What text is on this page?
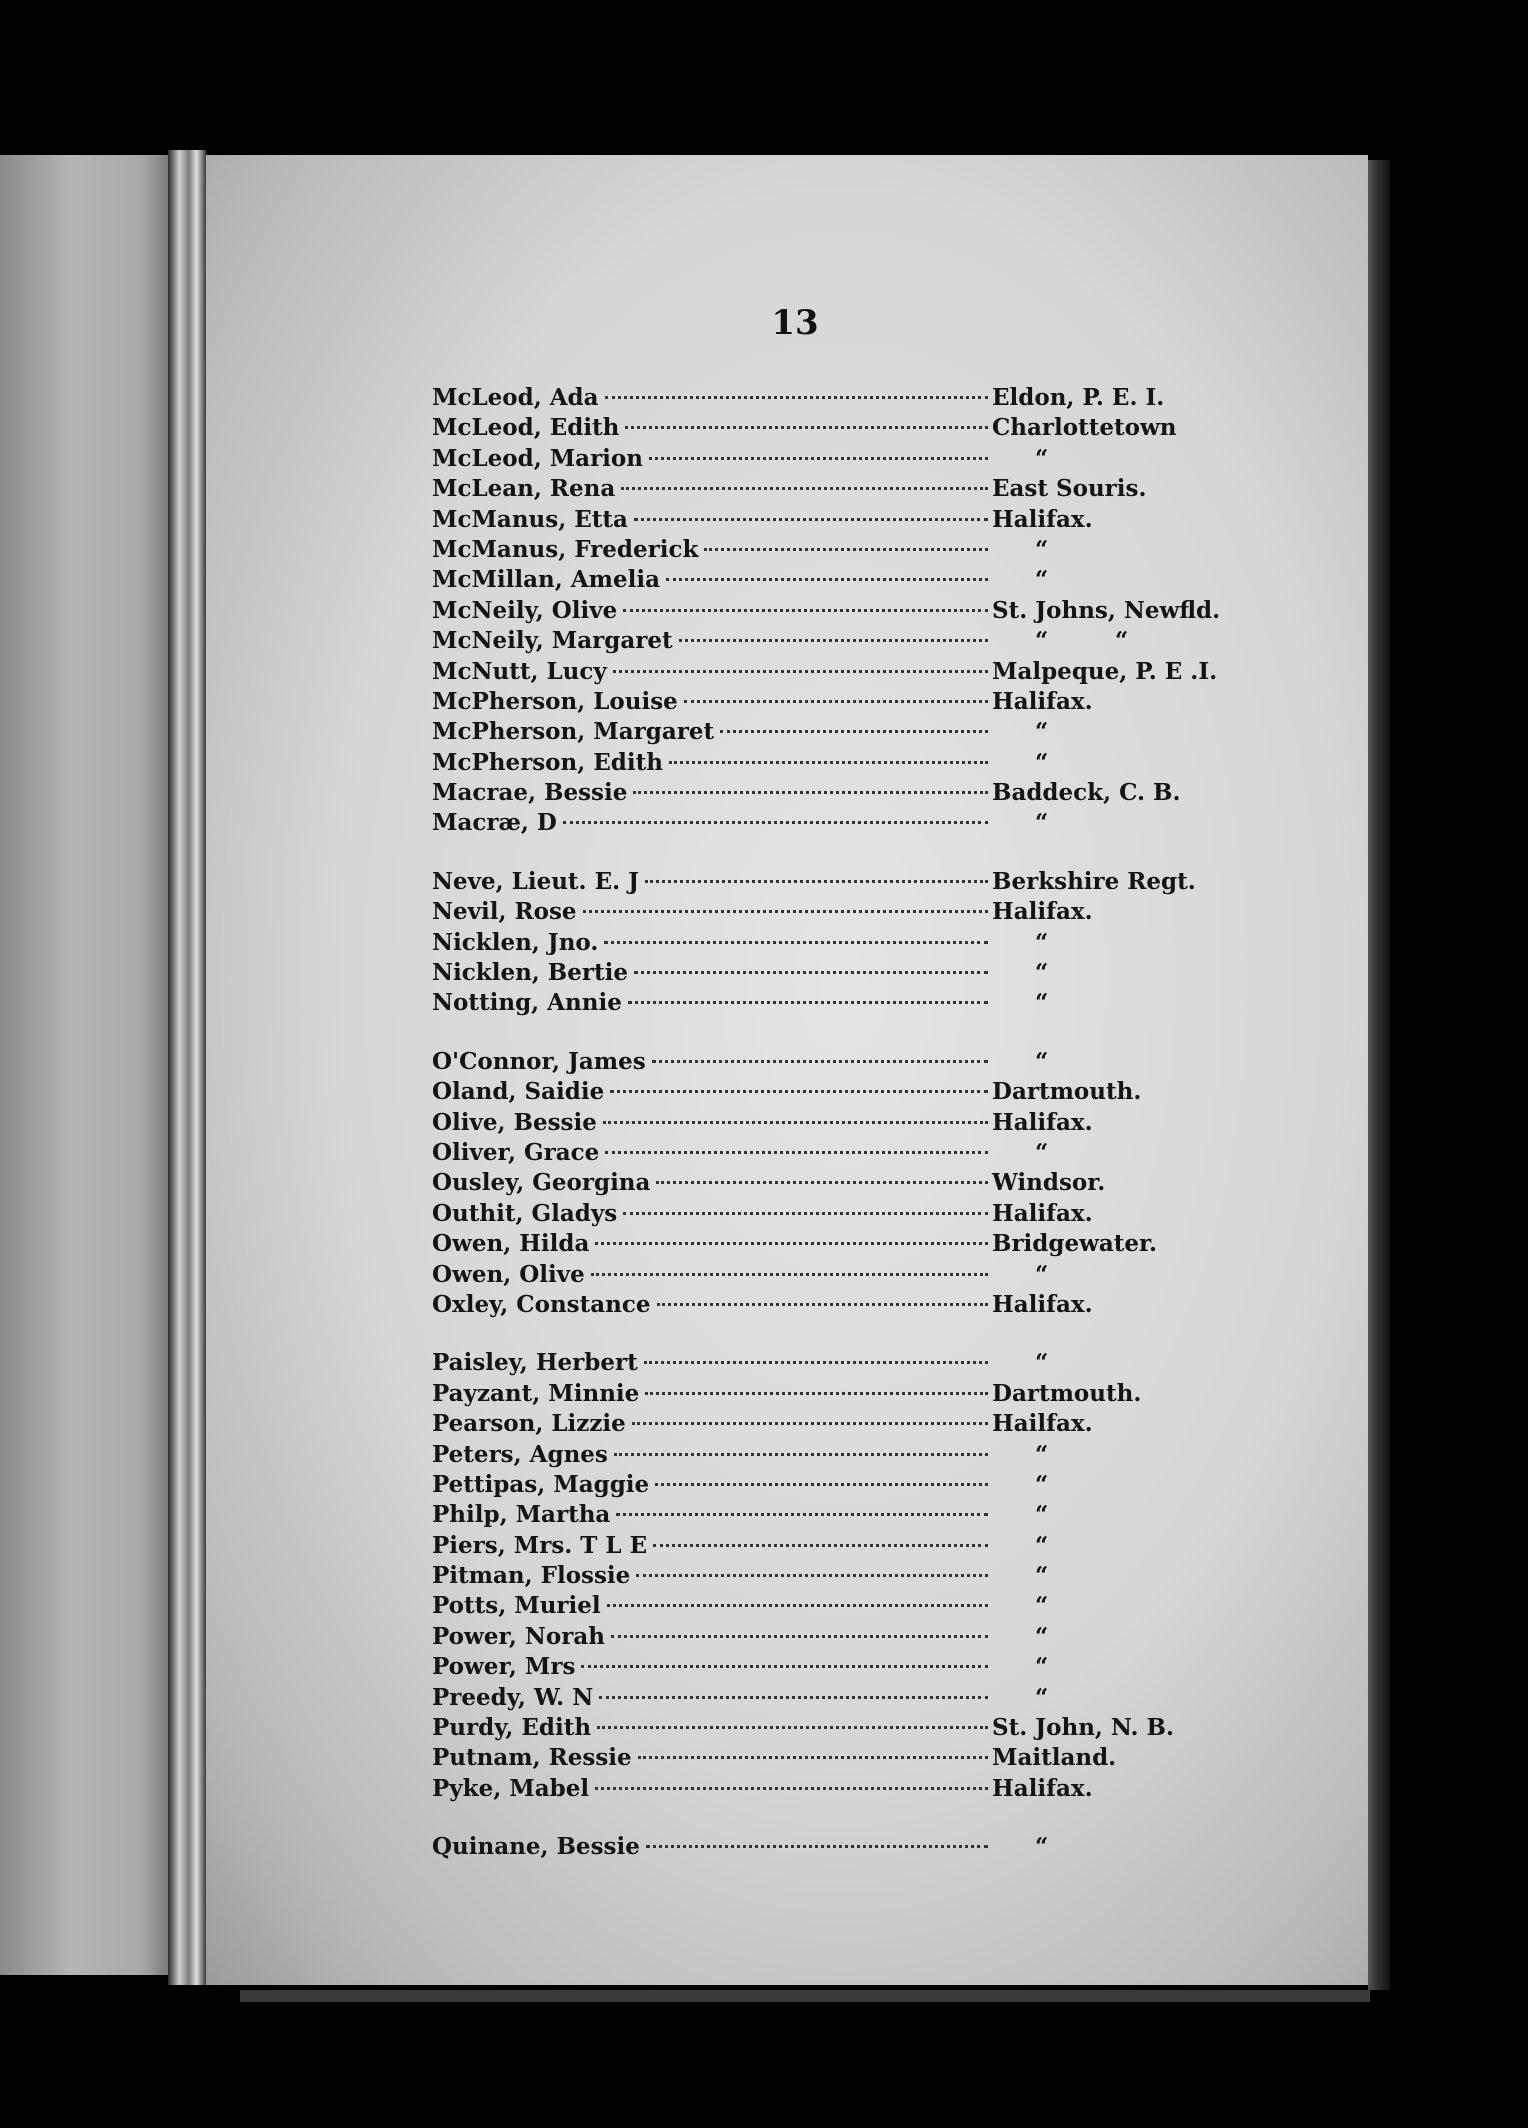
13
McLeod, Ada	Eldon, P. E. I.
McLeod, Edith	Charlottetown
McLeod, Marion	“
McLean, Rena	East Souris.
McManus, Etta	Halifax.
McManus, Frederick	“
McMillan, Amelia	“
McNeily, Olive	St. Johns, Newfld.
McNeily, Margaret	“	“
McNutt, Lucy	Malpeque, P. E .I.
McPherson, Louise	Halifax.
McPherson, Margaret	“
McPherson, Edith	“
Macrae, Bessie	Baddeck, C. B.
Macræ, D	“
Neve, Lieut. E. J	Berkshire Regt.
Nevil, Rose	Halifax.
Nicklen, Jno.	“
Nicklen, Bertie	“
Notting, Annie	“
O'Connor, James	“
Oland, Saidie	Dartmouth.
Olive, Bessie	Halifax.
Oliver, Grace	“
Ousley, Georgina	Windsor.
Outhit, Gladys	Halifax.
Owen, Hilda	Bridgewater.
Owen, Olive	“
Oxley, Constance	Halifax.
Paisley, Herbert	“
Payzant, Minnie	Dartmouth.
Pearson, Lizzie	Hailfax.
Peters, Agnes	“
Pettipas, Maggie	“
Philp, Martha	“
Piers, Mrs. T L E	“
Pitman, Flossie	“
Potts, Muriel	“
Power, Norah	“
Power, Mrs	“
Preedy, W. N	“
Purdy, Edith	St. John, N. B.
Putnam, Ressie	Maitland.
Pyke, Mabel	Halifax.
Quinane, Bessie	“
